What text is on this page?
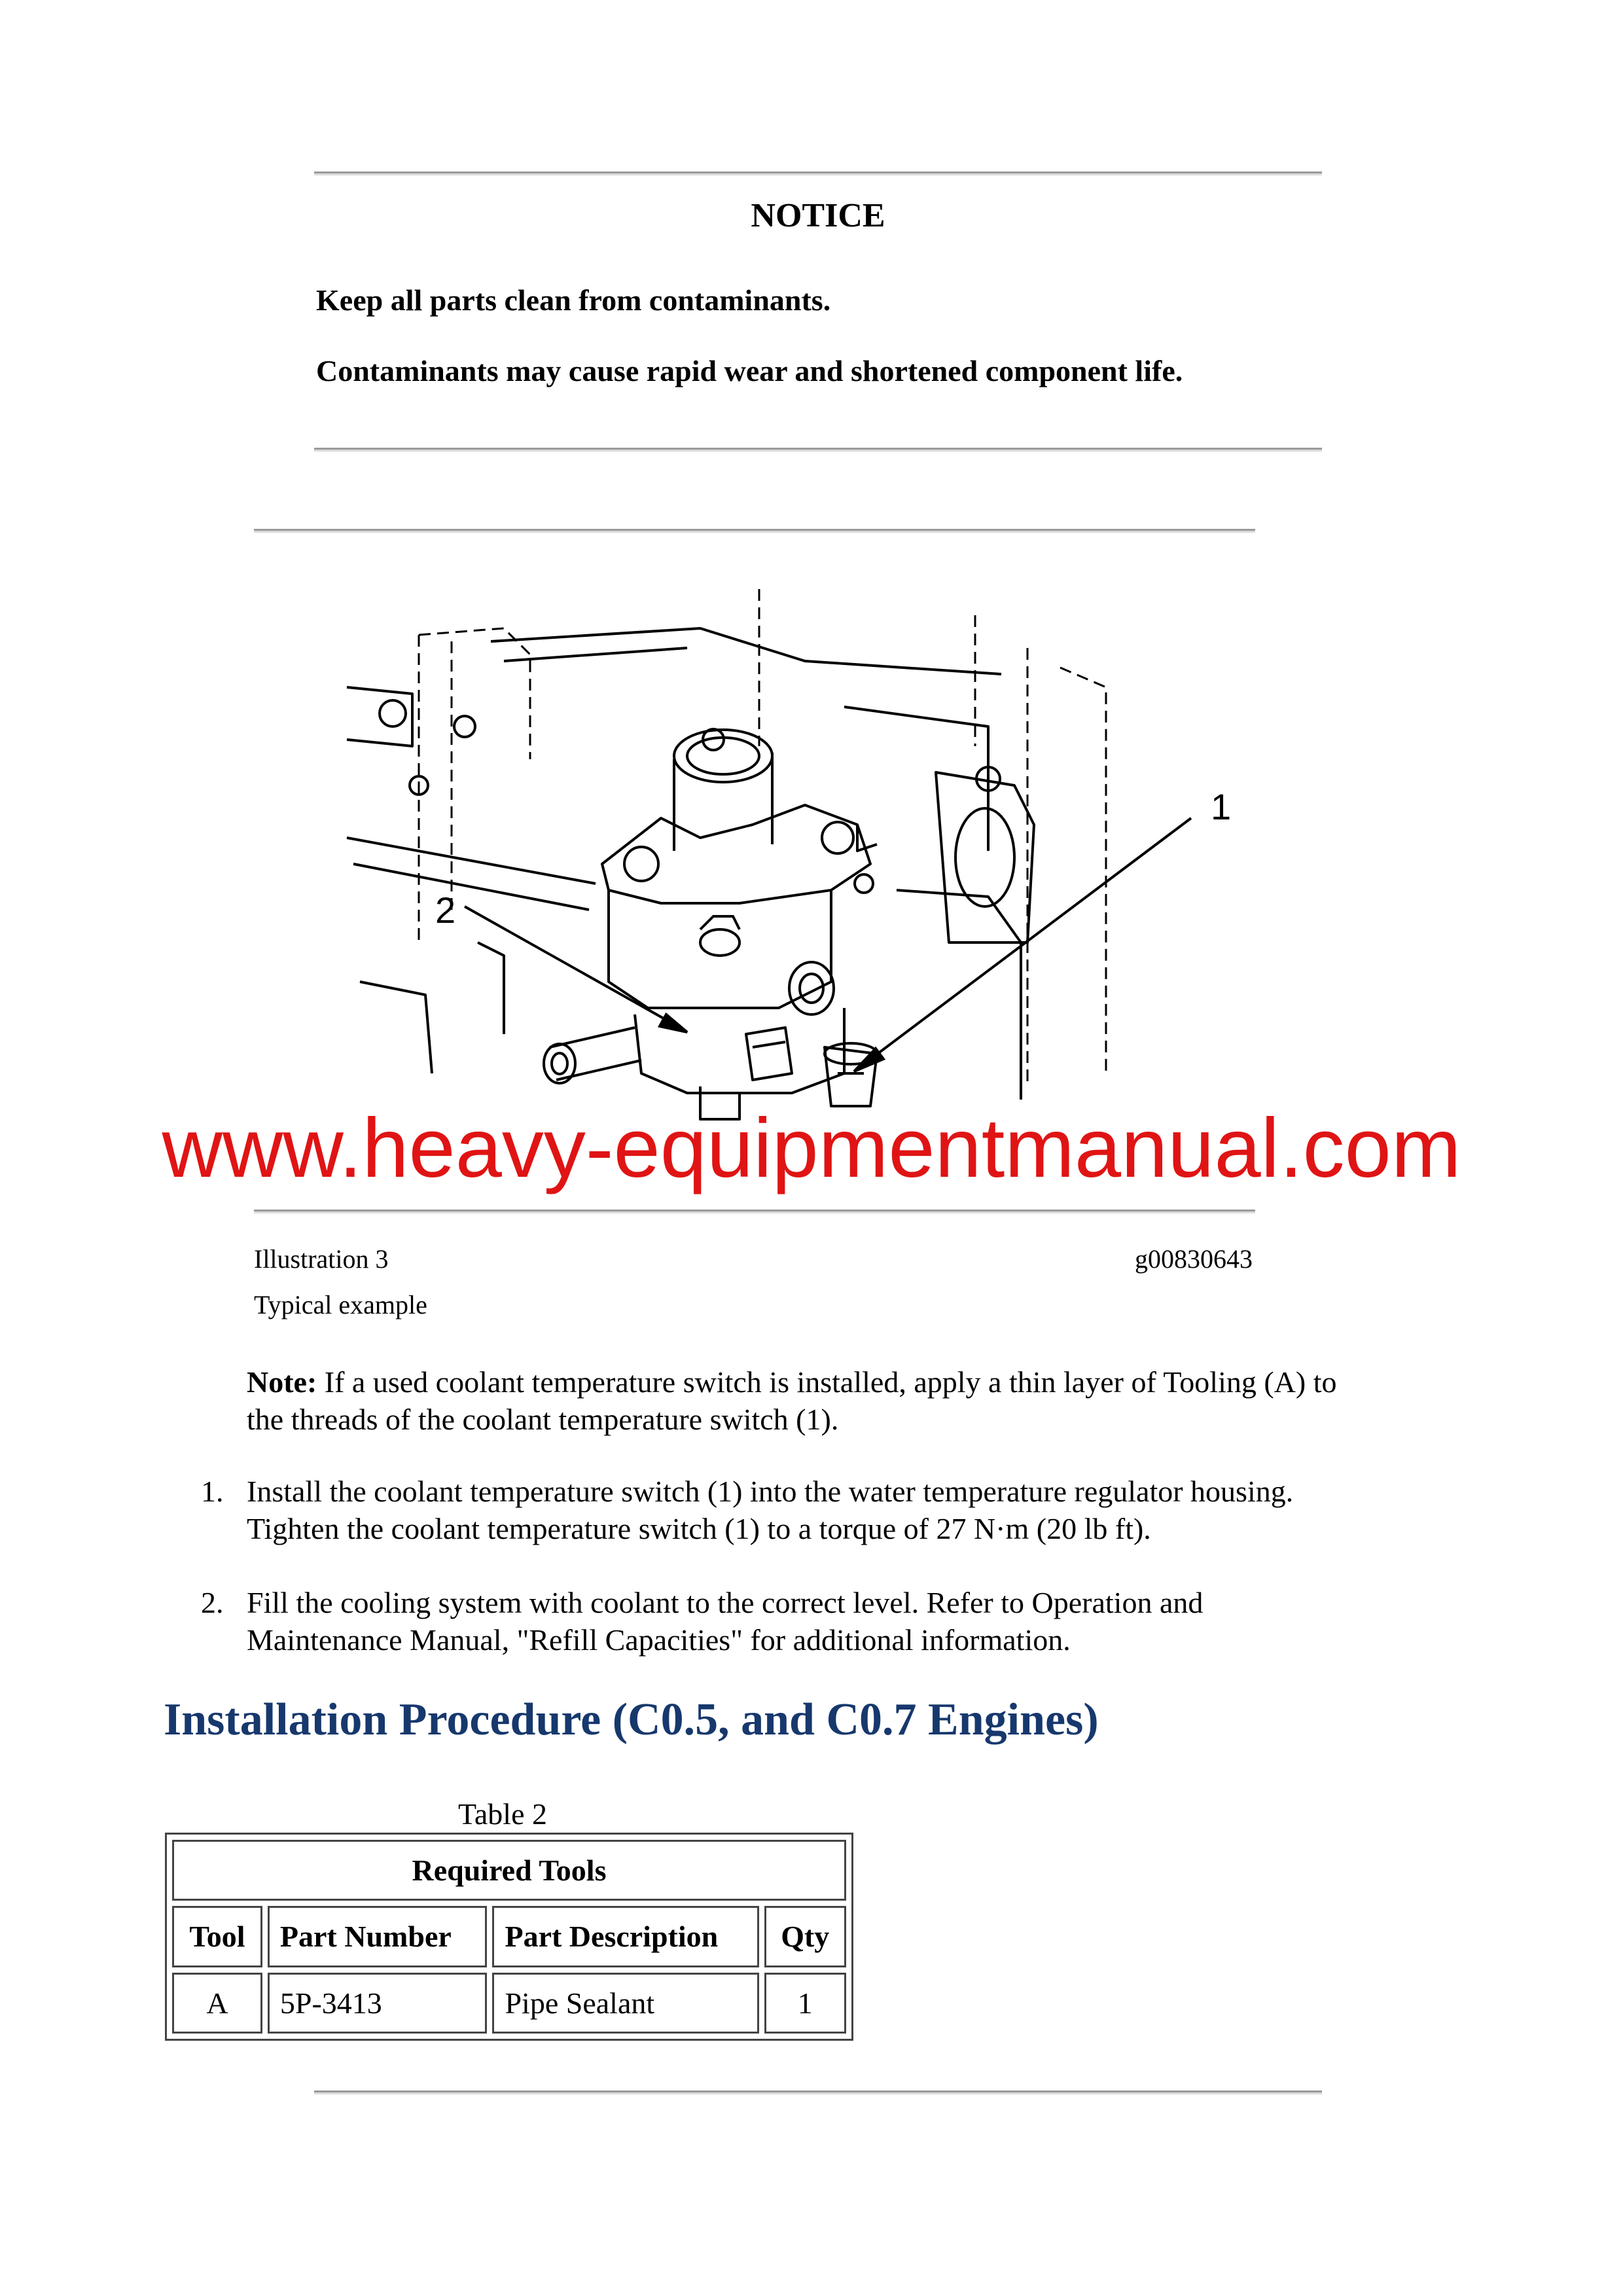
NOTICE
Keep all parts clean from contaminants.
Contaminants may cause rapid wear and shortened component life.
1
2
www.heavy-equipmentmanual.com
Illustration 3	g00830643
Typical example
Note: If a used coolant temperature switch is installed, apply a thin layer of Tooling (A) to
the threads of the coolant temperature switch (1).
1. Install the coolant temperature switch (1) into the water temperature regulator housing.
Tighten the coolant temperature switch (1) to a torque of 27 N·m (20 lb ft).
2. Fill the cooling system with coolant to the correct level. Refer to Operation and
Maintenance Manual, "Refill Capacities" for additional information.
Installation Procedure (C0.5, and C0.7 Engines)
Table 2
Required Tools			
Tool	Part Number	Part Description	Qty
A	5P-3413	Pipe Sealant	1
